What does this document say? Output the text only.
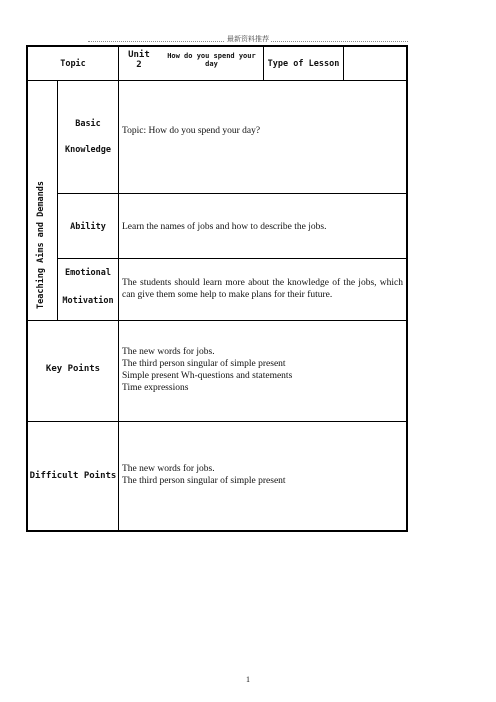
最新资料推荐
Topic
Unit 2

How do you spend your day	Type of Lesson
Teaching Aims and Demands
Basic
Knowledge
Topic: How do you spend your day?
Ability	Learn the names of jobs and how to describe the jobs.
Emotional
Motivation
The students should learn more about the knowledge of the jobs, which can give them some help to make plans for their future.
Key Points
The new words for jobs.
The third person singular of simple present
Simple present Wh-questions and statements
Time expressions
Difficult Points
The new words for jobs.
The third person singular of simple present
1
